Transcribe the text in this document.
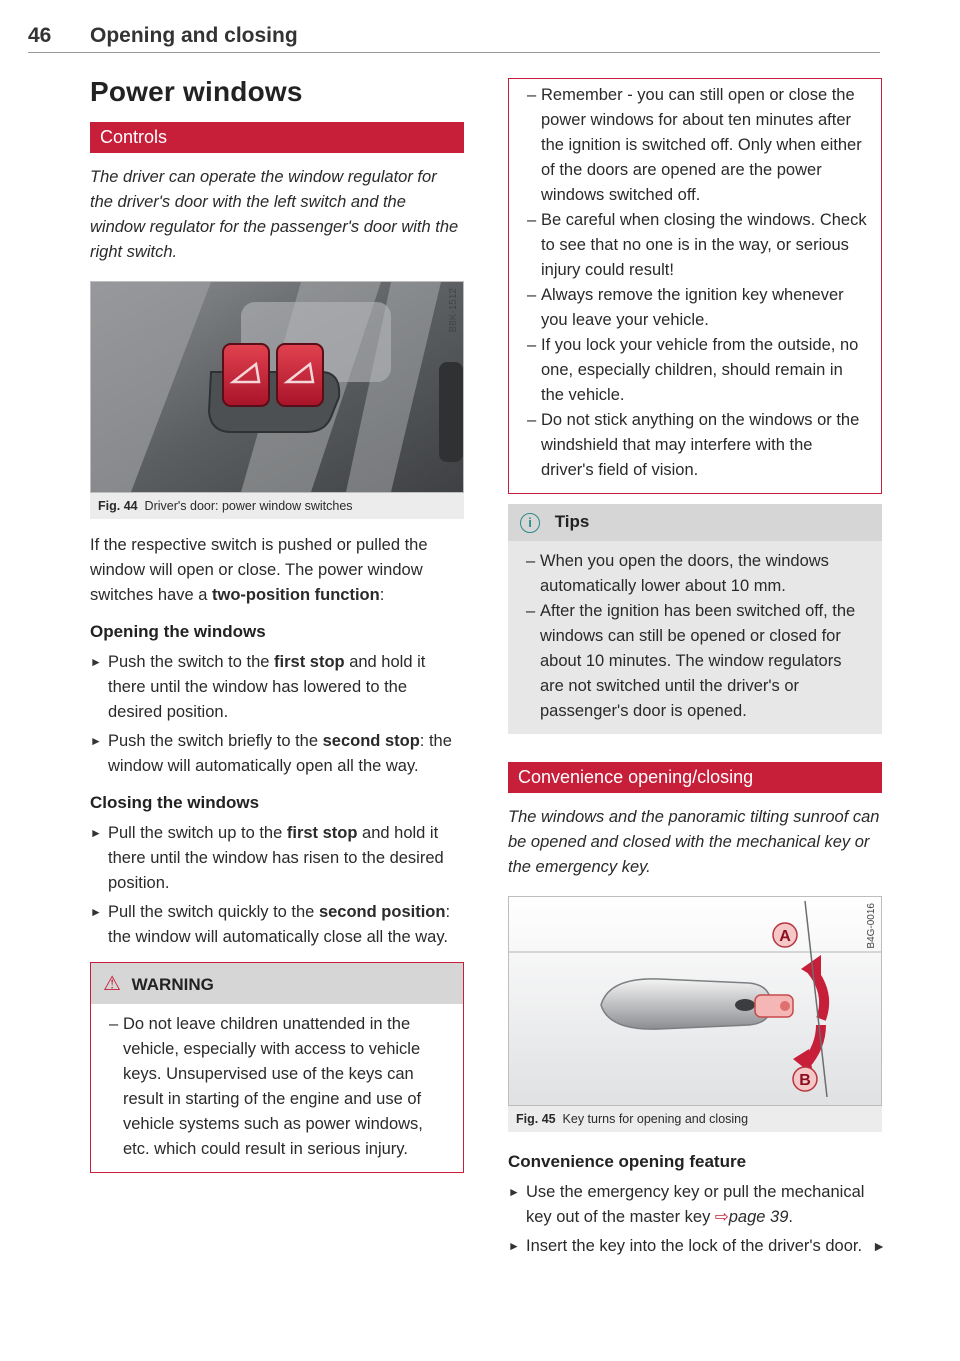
46 Opening and closing
Power windows
Controls
The driver can operate the window regulator for the driver's door with the left switch and the window regulator for the passenger's door with the right switch.
B8K-1512
Fig. 44 Driver's door: power window switches

If the respective switch is pushed or pulled the window will open or close. The power window switches have a two-position function:

Opening the windows
► Push the switch to the first stop and hold it there until the window has lowered to the desired position.
► Push the switch briefly to the second stop: the window will automatically open all the way.
Closing the windows
► Pull the switch up to the first stop and hold it there until the window has risen to the desired position.
► Pull the switch quickly to the second position: the window will automatically close all the way.
⚠ WARNING
– Do not leave children unattended in the vehicle, especially with access to vehicle keys. Unsupervised use of the keys can result in starting of the engine and use of vehicle systems such as power windows, etc. which could result in serious injury.
– Remember - you can still open or close the power windows for about ten minutes after the ignition is switched off. Only when either of the doors are opened are the power windows switched off.
– Be careful when closing the windows. Check to see that no one is in the way, or serious injury could result!
– Always remove the ignition key whenever you leave your vehicle.
– If you lock your vehicle from the outside, no one, especially children, should remain in the vehicle.
– Do not stick anything on the windows or the windshield that may interfere with the driver's field of vision.
i Tips
– When you open the doors, the windows automatically lower about 10 mm.
– After the ignition has been switched off, the windows can still be opened or closed for about 10 minutes. The window regulators are not switched until the driver's or passenger's door is opened.
Convenience opening/closing
The windows and the panoramic tilting sunroof can be opened and closed with the mechanical key or the emergency key.
A
B
B4G-0016
Fig. 45 Key turns for opening and closing
Convenience opening feature
► Use the emergency key or pull the mechanical key out of the master key ⇨page 39.
► Insert the key into the lock of the driver's door. ►
